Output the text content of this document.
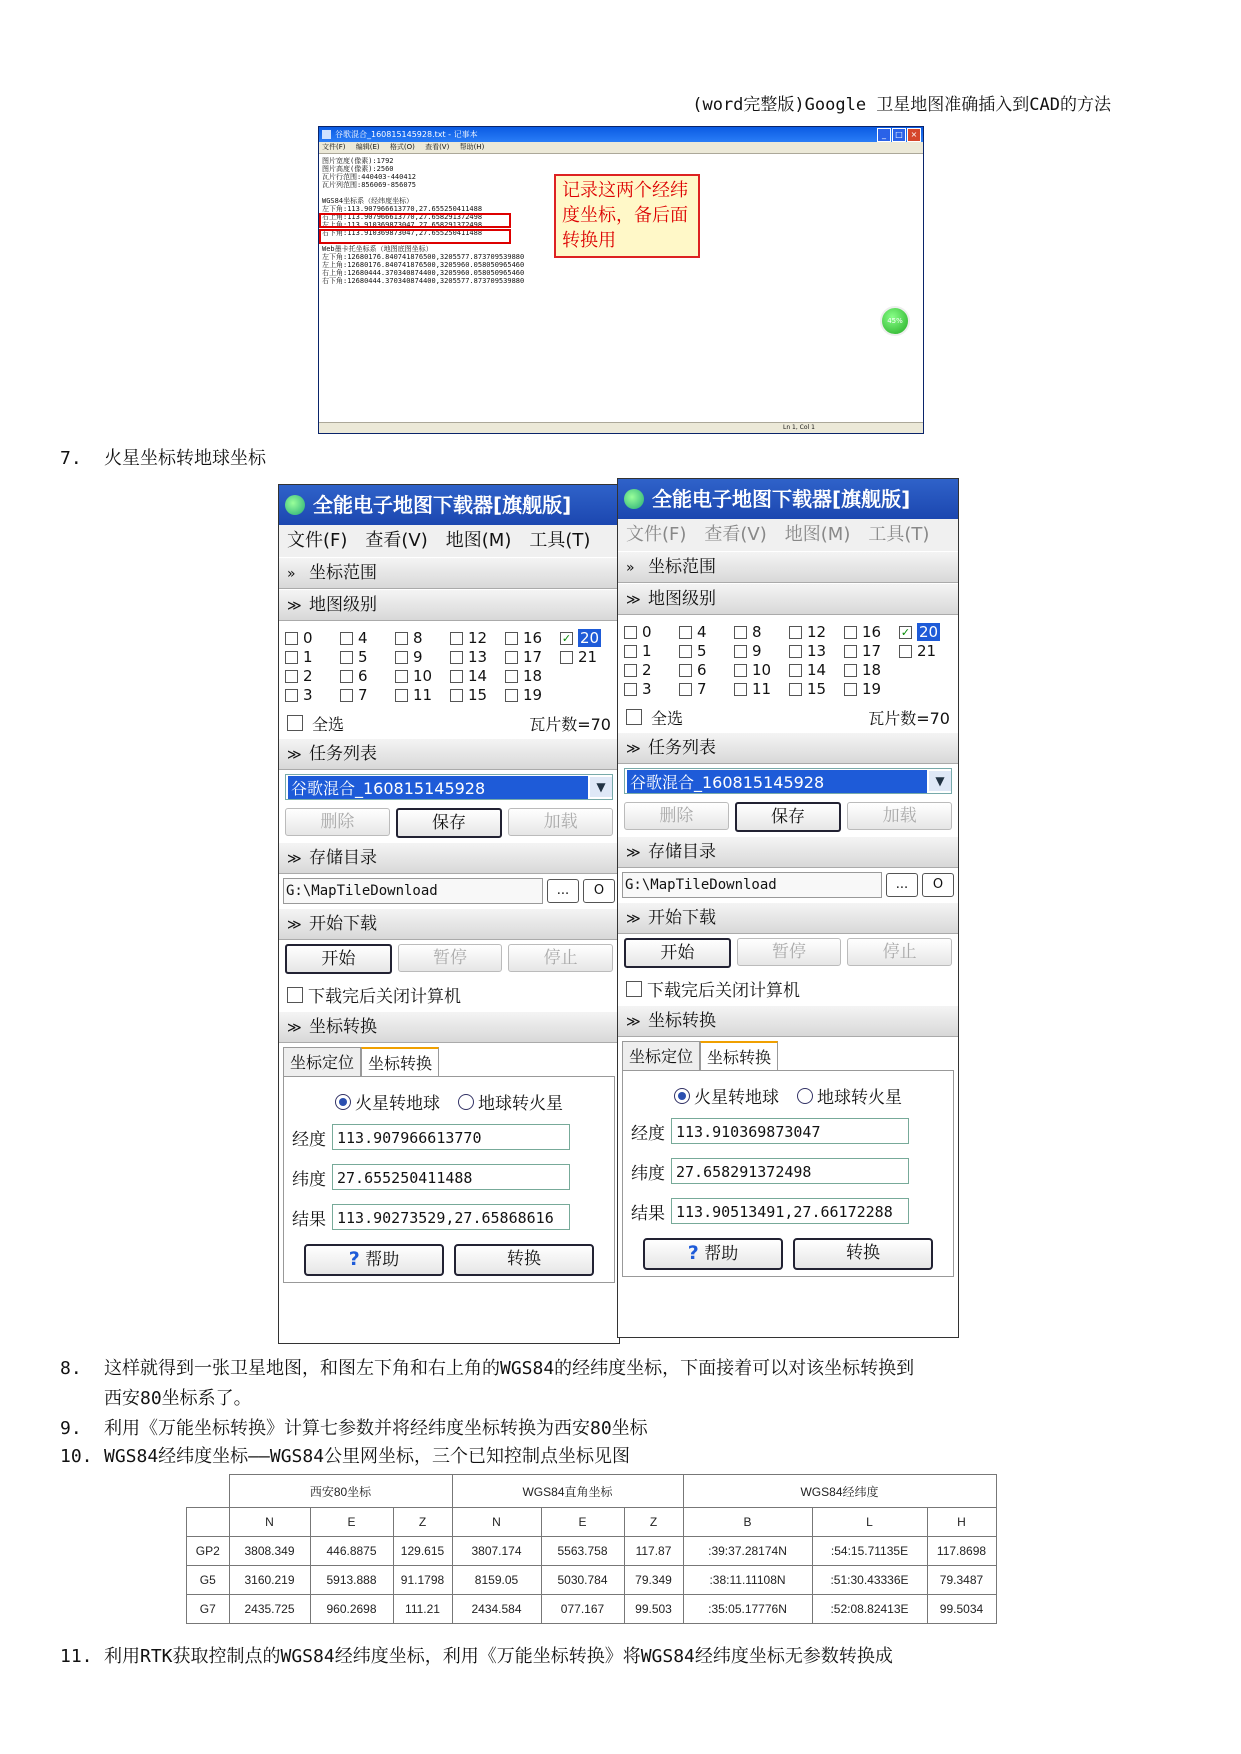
(word完整版)Google 卫星地图准确插入到CAD的方法
谷歌混合_160815145928.txt - 记事本	_	□ ×
文件(F) 编辑(E) 格式(O) 查看(V) 帮助(H)
图片宽度(像素):1792
图片高度(像素):2560
瓦片行范围:440403-440412
瓦片列范围:856069-856075

WGS84坐标系（经纬度坐标）
左下角:113.907966613770,27.655250411488
右上角:113.907966613770,27.658291372498
左上角:113.910369873047,27.658291372498
右下角:113.910369873047,27.655250411488

Web墨卡托坐标系（地图底图坐标）
左下角:12680176.840741876500,3205577.873709539880
左上角:12680176.840741876500,3205960.058050965460
右上角:12680444.370340874400,3205960.058050965460
右下角:12680444.370340874400,3205577.873709539880
Ln 1, Col 1
记录这两个经纬度坐标，备后面转换用
45%
7. 火星坐标转地球坐标
全能电子地图下载器[旗舰版]
文件(F) 查看(V) 地图(M) 工具(T)
» 坐标范围
≫ 地图级别
0	4	8	12 16 ✓ 20
1	5	9	13 17 21
2	6	10 14 18
3	7	11 15 19
全选	瓦片数=70
≫ 任务列表
谷歌混合_160815145928	▼
删除	保存	加载
≫ 存储目录
G:\MapTileDownload	...	O
≫ 开始下载
开始	暂停	停止
下载完后关闭计算机
≫ 坐标转换
坐标定位 坐标转换
火星转地球 地球转火星
经度 113.907966613770
纬度 27.655250411488
结果 113.90273529,27.65868616
? 帮助	转换
全能电子地图下载器[旗舰版]
文件(F) 查看(V) 地图(M) 工具(T)
» 坐标范围
≫ 地图级别
0	4	8	12 16 ✓ 20
1	5	9	13 17 21
2	6	10 14 18
3	7	11 15 19
全选	瓦片数=70
≫ 任务列表
谷歌混合_160815145928	▼
删除	保存	加载
≫ 存储目录
G:\MapTileDownload	...	O
≫ 开始下载
开始	暂停	停止
下载完后关闭计算机
≫ 坐标转换
坐标定位 坐标转换
火星转地球 地球转火星
经度 113.910369873047
纬度 27.658291372498
结果 113.90513491,27.66172288
? 帮助	转换
8. 这样就得到一张卫星地图，和图左下角和右上角的WGS84的经纬度坐标，下面接着可以对该坐标转换到
西安80坐标系了。
9. 利用《万能坐标转换》计算七参数并将经纬度坐标转换为西安80坐标
10. WGS84经纬度坐标——WGS84公里网坐标，三个已知控制点坐标见图
	西安80坐标			WGS84直角坐标			WGS84经纬度		
	N	E	Z	N	E	Z	B	L	H
GP2	3808.349	446.8875	129.615	3807.174	5563.758	117.87	:39:37.28174N	:54:15.71135E	117.8698
G5	3160.219	5913.888	91.1798	8159.05	5030.784	79.349	:38:11.11108N	:51:30.43336E	79.3487
G7	2435.725	960.2698	111.21	2434.584	077.167	99.503	:35:05.17776N	:52:08.82413E	99.5034
11. 利用RTK获取控制点的WGS84经纬度坐标，利用《万能坐标转换》将WGS84经纬度坐标无参数转换成
